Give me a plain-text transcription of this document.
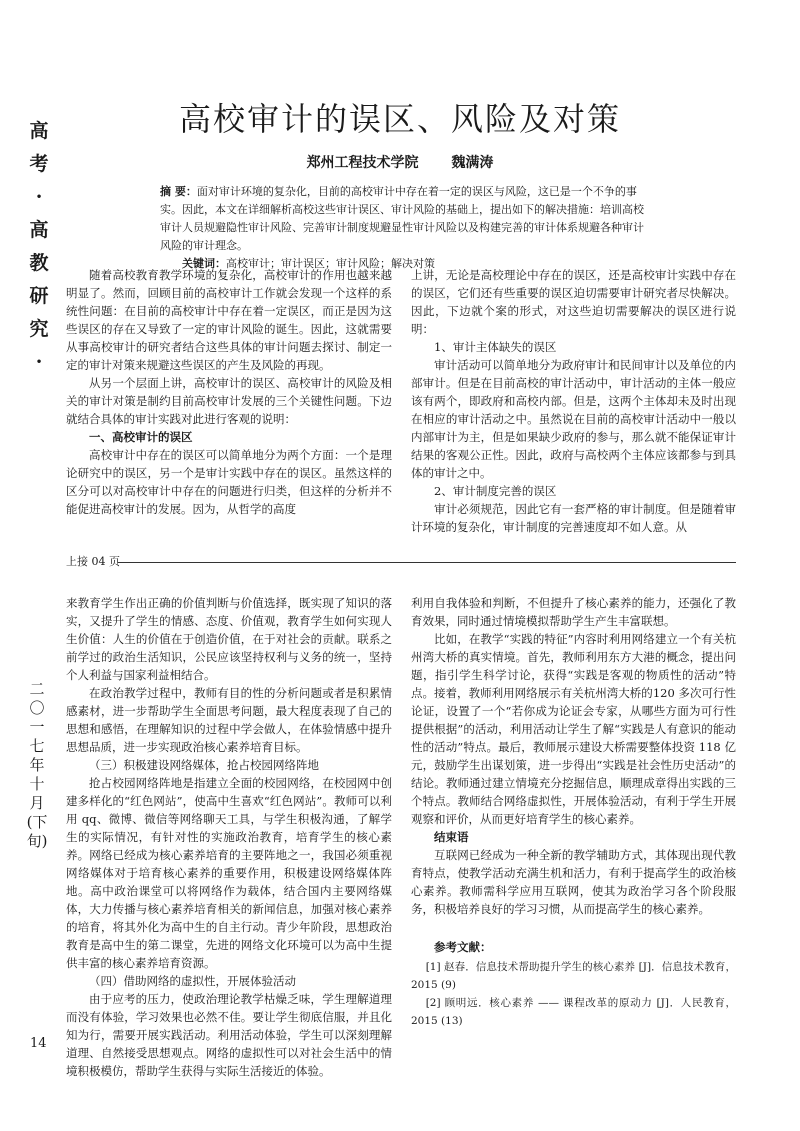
高
考
·
高
教
研
究
·
二
〇
一
七
年
十
月
(下
旬)
14
高校审计的误区、风险及对策
郑州工程技术学院 魏满涛
摘 要：面对审计环境的复杂化，目前的高校审计中存在着一定的误区与风险，这已是一个不争的事实。因此，本文在详细解析高校这些审计误区、审计风险的基础上，提出如下的解决措施：培训高校审计人员规避隐性审计风险、完善审计制度规避显性审计风险以及构建完善的审计体系规避各种审计风险的审计理念。
关键词：高校审计；审计误区；审计风险；解决对策

随着高校教育教学环境的复杂化，高校审计的作用也越来越明显了。然而，回顾目前的高校审计工作就会发现一个这样的系统性问题：在目前的高校审计中存在着一定误区，而正是因为这些误区的存在又导致了一定的审计风险的诞生。因此，这就需要从事高校审计的研究者结合这些具体的审计问题去探讨、制定一定的审计对策来规避这些误区的产生及风险的再现。

从另一个层面上讲，高校审计的误区、高校审计的风险及相关的审计对策是制约目前高校审计发展的三个关键性问题。下边就结合具体的审计实践对此进行客观的说明：

一、高校审计的误区

高校审计中存在的误区可以简单地分为两个方面：一个是理论研究中的误区，另一个是审计实践中存在的误区。虽然这样的区分可以对高校审计中存在的问题进行归类，但这样的分析并不能促进高校审计的发展。因为，从哲学的高度

上讲，无论是高校理论中存在的误区，还是高校审计实践中存在的误区，它们还有些重要的误区迫切需要审计研究者尽快解决。因此，下边就个案的形式，对这些迫切需要解决的误区进行说明：

1、审计主体缺失的误区

审计活动可以简单地分为政府审计和民间审计以及单位的内部审计。但是在目前高校的审计活动中，审计活动的主体一般应该有两个，即政府和高校内部。但是，这两个主体却未及时出现在相应的审计活动之中。虽然说在目前的高校审计活动中一般以内部审计为主，但是如果缺少政府的参与，那么就不能保证审计结果的客观公正性。因此，政府与高校两个主体应该都参与到具体的审计之中。

2、审计制度完善的误区

审计必须规范，因此它有一套严格的审计制度。但是随着审计环境的复杂化，审计制度的完善速度却不如人意。从

上接 04 页

来教育学生作出正确的价值判断与价值选择，既实现了知识的落实，又提升了学生的情感、态度、价值观，教育学生如何实现人生价值：人生的价值在于创造价值，在于对社会的贡献。联系之前学过的政治生活知识，公民应该坚持权利与义务的统一，坚持个人利益与国家利益相结合。

在政治教学过程中，教师有目的性的分析问题或者是积累情感素材，进一步帮助学生全面思考问题，最大程度表现了自己的思想和感悟，在理解知识的过程中学会做人，在体验情感中提升思想品质，进一步实现政治核心素养培育目标。

（三）积极建设网络媒体，抢占校园网络阵地

抢占校园网络阵地是指建立全面的校园网络，在校园网中创建多样化的“红色网站”，使高中生喜欢“红色网站”。教师可以利用 qq、微博、微信等网络聊天工具，与学生积极沟通，了解学生的实际情况，有针对性的实施政治教育，培育学生的核心素养。网络已经成为核心素养培育的主要阵地之一，我国必须重视网络媒体对于培育核心素养的重要作用，积极建设网络媒体阵地。高中政治课堂可以将网络作为载体，结合国内主要网络媒体，大力传播与核心素养培育相关的新闻信息，加强对核心素养的培育，将其外化为高中生的自主行动。青少年阶段，思想政治教育是高中生的第二课堂，先进的网络文化环境可以为高中生提供丰富的核心素养培育资源。

（四）借助网络的虚拟性，开展体验活动

由于应考的压力，使政治理论教学枯燥乏味，学生理解道理而没有体验，学习效果也必然不佳。要让学生彻底信服，并且化知为行，需要开展实践活动。利用活动体验，学生可以深刻理解道理、自然接受思想观点。网络的虚拟性可以对社会生活中的情境积极模仿，帮助学生获得与实际生活接近的体验。

利用自我体验和判断，不但提升了核心素养的能力，还强化了教育效果，同时通过情境模拟帮助学生产生丰富联想。

比如，在教学“实践的特征”内容时利用网络建立一个有关杭州湾大桥的真实情境。首先，教师利用东方大港的概念，提出问题，指引学生科学讨论，获得“实践是客观的物质性的活动”特点。接着，教师利用网络展示有关杭州湾大桥的120 多次可行性论证，设置了一个“若你成为论证会专家，从哪些方面为可行性提供根据”的活动，利用活动让学生了解“实践是人有意识的能动性的活动”特点。最后，教师展示建设大桥需要整体投资 118 亿元，鼓励学生出谋划策，进一步得出“实践是社会性历史活动”的结论。教师通过建立情境充分挖掘信息，顺理成章得出实践的三个特点。教师结合网络虚拟性，开展体验活动，有利于学生开展观察和评价，从而更好培育学生的核心素养。

结束语

互联网已经成为一种全新的教学辅助方式，其体现出现代教育特点，使教学活动充满生机和活力，有利于提高学生的政治核心素养。教师需科学应用互联网，使其为政治学习各个阶段服务，积极培养良好的学习习惯，从而提高学生的核心素养。

参考文献：

[1] 赵春．信息技术帮助提升学生的核心素养 [J]．信息技术教育，2015 (9)

[2] 顾明远．核心素养 —— 课程改革的原动力 [J]．人民教育，2015 (13)
